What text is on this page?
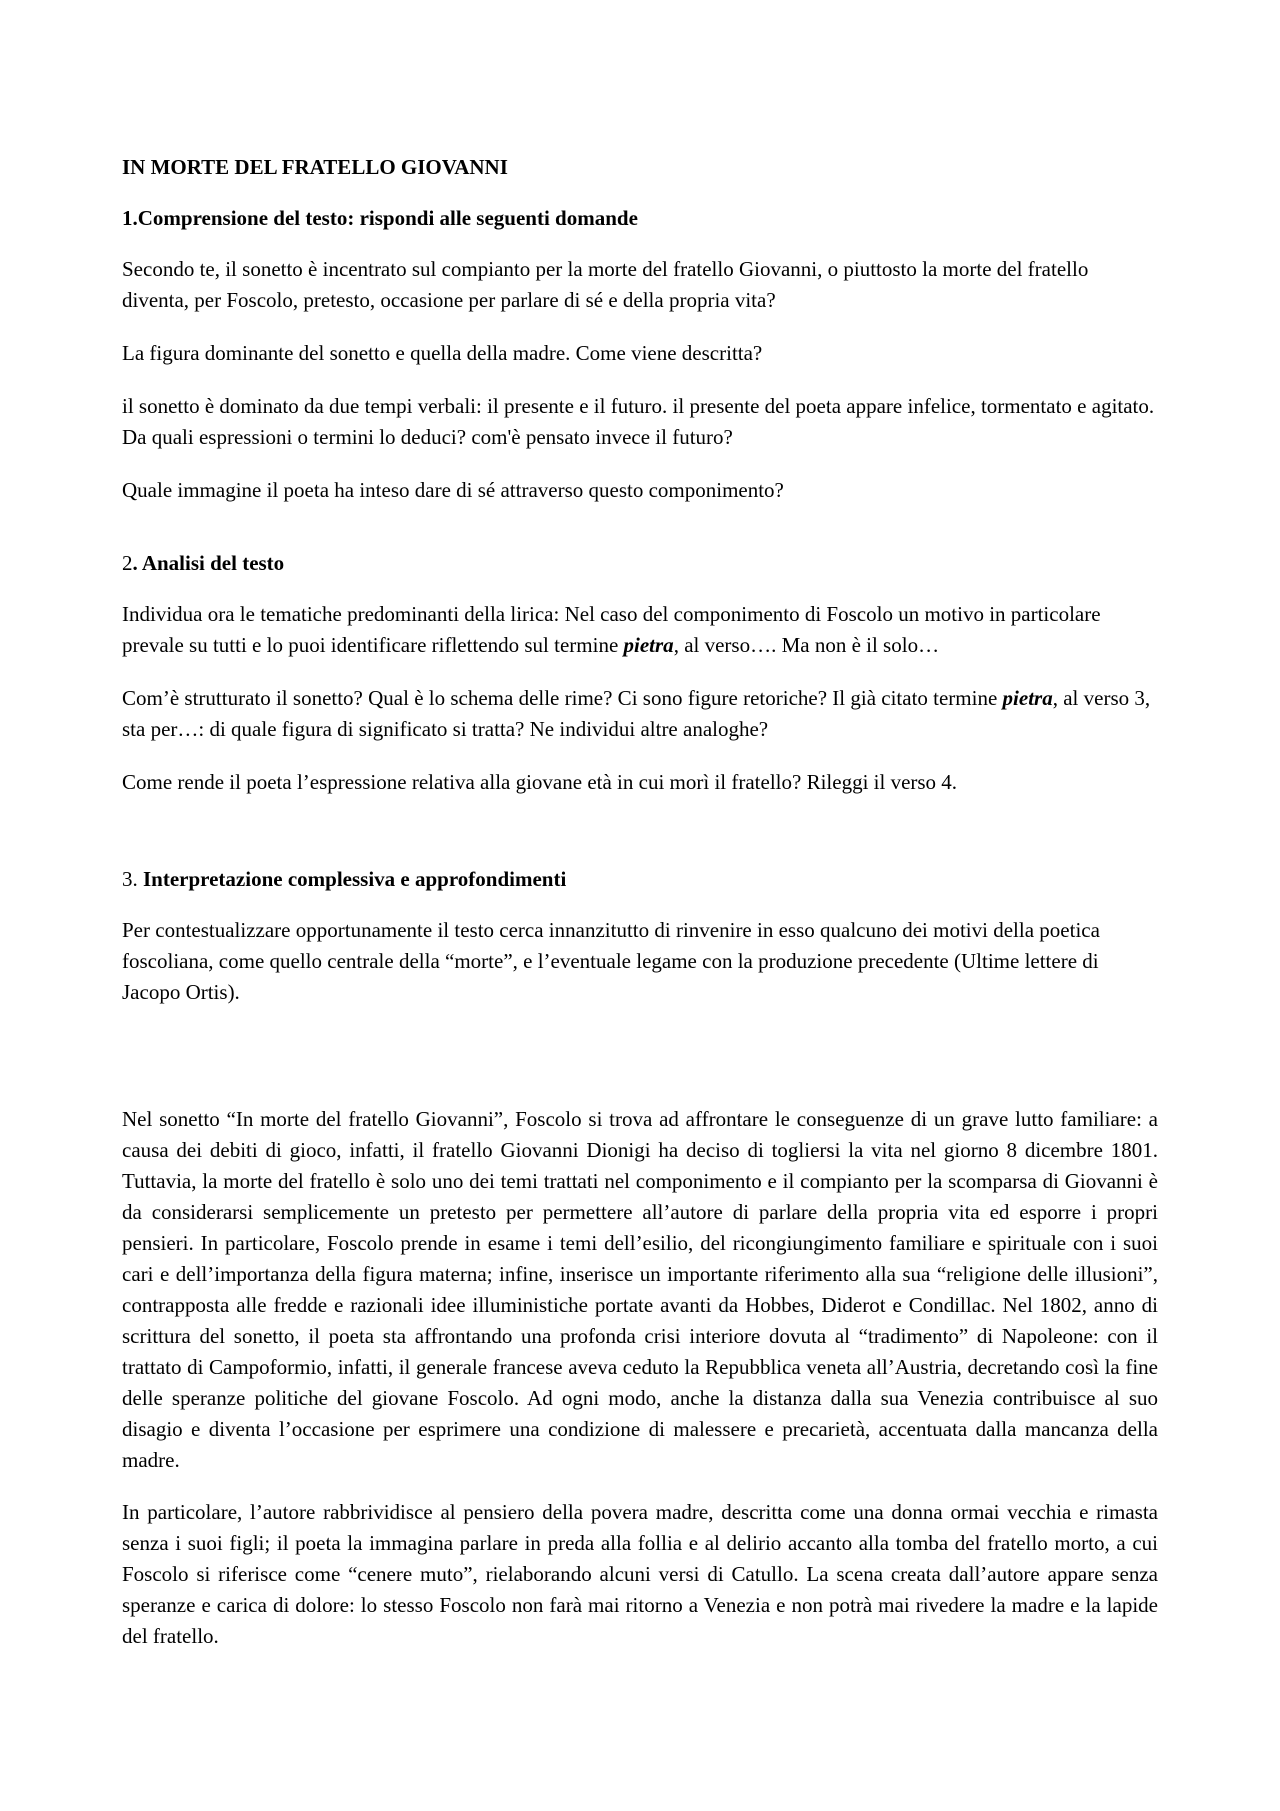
IN MORTE DEL FRATELLO GIOVANNI

1.Comprensione del testo: rispondi alle seguenti domande

Secondo te, il sonetto è incentrato sul compianto per la morte del fratello Giovanni, o piuttosto la morte del fratello diventa, per Foscolo, pretesto, occasione per parlare di sé e della propria vita?

La figura dominante del sonetto e quella della madre. Come viene descritta?

il sonetto è dominato da due tempi verbali: il presente e il futuro. il presente del poeta appare infelice, tormentato e agitato. Da quali espressioni o termini lo deduci? com'è pensato invece il futuro?

Quale immagine il poeta ha inteso dare di sé attraverso questo componimento?

2. Analisi del testo

Individua ora le tematiche predominanti della lirica: Nel caso del componimento di Foscolo un motivo in particolare prevale su tutti e lo puoi identificare riflettendo sul termine pietra, al verso…. Ma non è il solo…

Com’è strutturato il sonetto? Qual è lo schema delle rime? Ci sono figure retoriche? Il già citato termine pietra, al verso 3, sta per…: di quale figura di significato si tratta? Ne individui altre analoghe?

Come rende il poeta l’espressione relativa alla giovane età in cui morì il fratello? Rileggi il verso 4.

3. Interpretazione complessiva e approfondimenti

Per contestualizzare opportunamente il testo cerca innanzitutto di rinvenire in esso qualcuno dei motivi della poetica foscoliana, come quello centrale della “morte”, e l’eventuale legame con la produzione precedente (Ultime lettere di Jacopo Ortis).

Nel sonetto “In morte del fratello Giovanni”, Foscolo si trova ad affrontare le conseguenze di un grave lutto familiare: a causa dei debiti di gioco, infatti, il fratello Giovanni Dionigi ha deciso di togliersi la vita nel giorno 8 dicembre 1801. Tuttavia, la morte del fratello è solo uno dei temi trattati nel componimento e il compianto per la scomparsa di Giovanni è da considerarsi semplicemente un pretesto per permettere all’autore di parlare della propria vita ed esporre i propri pensieri. In particolare, Foscolo prende in esame i temi dell’esilio, del ricongiungimento familiare e spirituale con i suoi cari e dell’importanza della figura materna; infine, inserisce un importante riferimento alla sua “religione delle illusioni”, contrapposta alle fredde e razionali idee illuministiche portate avanti da Hobbes, Diderot e Condillac. Nel 1802, anno di scrittura del sonetto, il poeta sta affrontando una profonda crisi interiore dovuta al “tradimento” di Napoleone: con il trattato di Campoformio, infatti, il generale francese aveva ceduto la Repubblica veneta all’Austria, decretando così la fine delle speranze politiche del giovane Foscolo. Ad ogni modo, anche la distanza dalla sua Venezia contribuisce al suo disagio e diventa l’occasione per esprimere una condizione di malessere e precarietà, accentuata dalla mancanza della madre.

In particolare, l’autore rabbrividisce al pensiero della povera madre, descritta come una donna ormai vecchia e rimasta senza i suoi figli; il poeta la immagina parlare in preda alla follia e al delirio accanto alla tomba del fratello morto, a cui Foscolo si riferisce come “cenere muto”, rielaborando alcuni versi di Catullo. La scena creata dall’autore appare senza speranze e carica di dolore: lo stesso Foscolo non farà mai ritorno a Venezia e non potrà mai rivedere la madre e la lapide del fratello.
